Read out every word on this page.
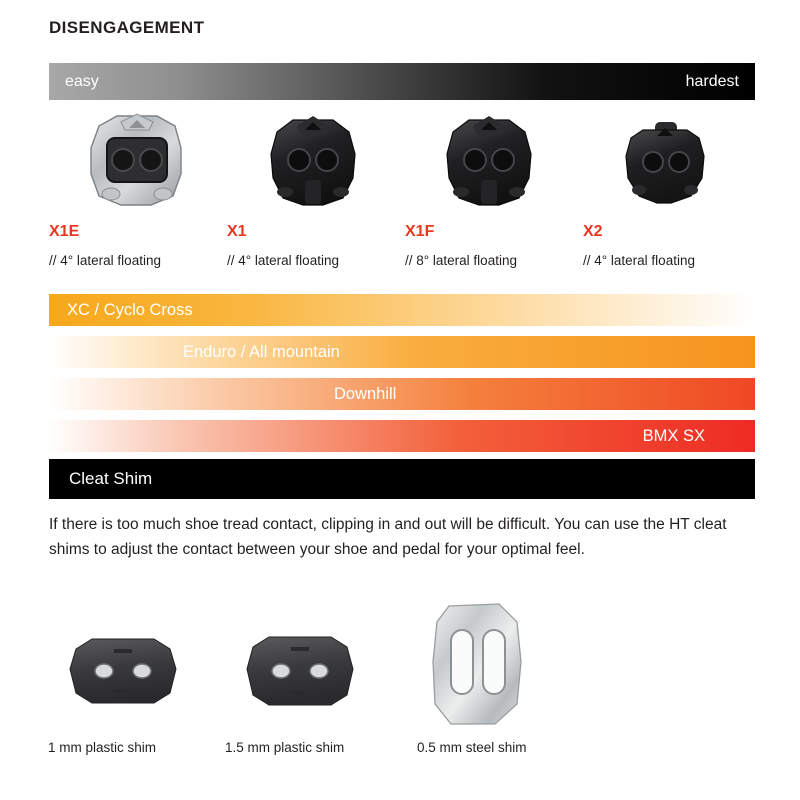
DISENGAGEMENT
easy	hardest
X1E
// 4° lateral floating
X1
// 4° lateral floating
X1F
// 8° lateral floating
X2
// 4° lateral floating
XC / Cyclo Cross
Enduro / All mountain
Downhill
BMX SX
Cleat Shim
If there is too much shoe tread contact, clipping in and out will be difficult. You can use the HT cleat shims to adjust the contact between your shoe and pedal for your optimal feel.
1 mm plastic shim	1.5 mm plastic shim	0.5 mm steel shim
